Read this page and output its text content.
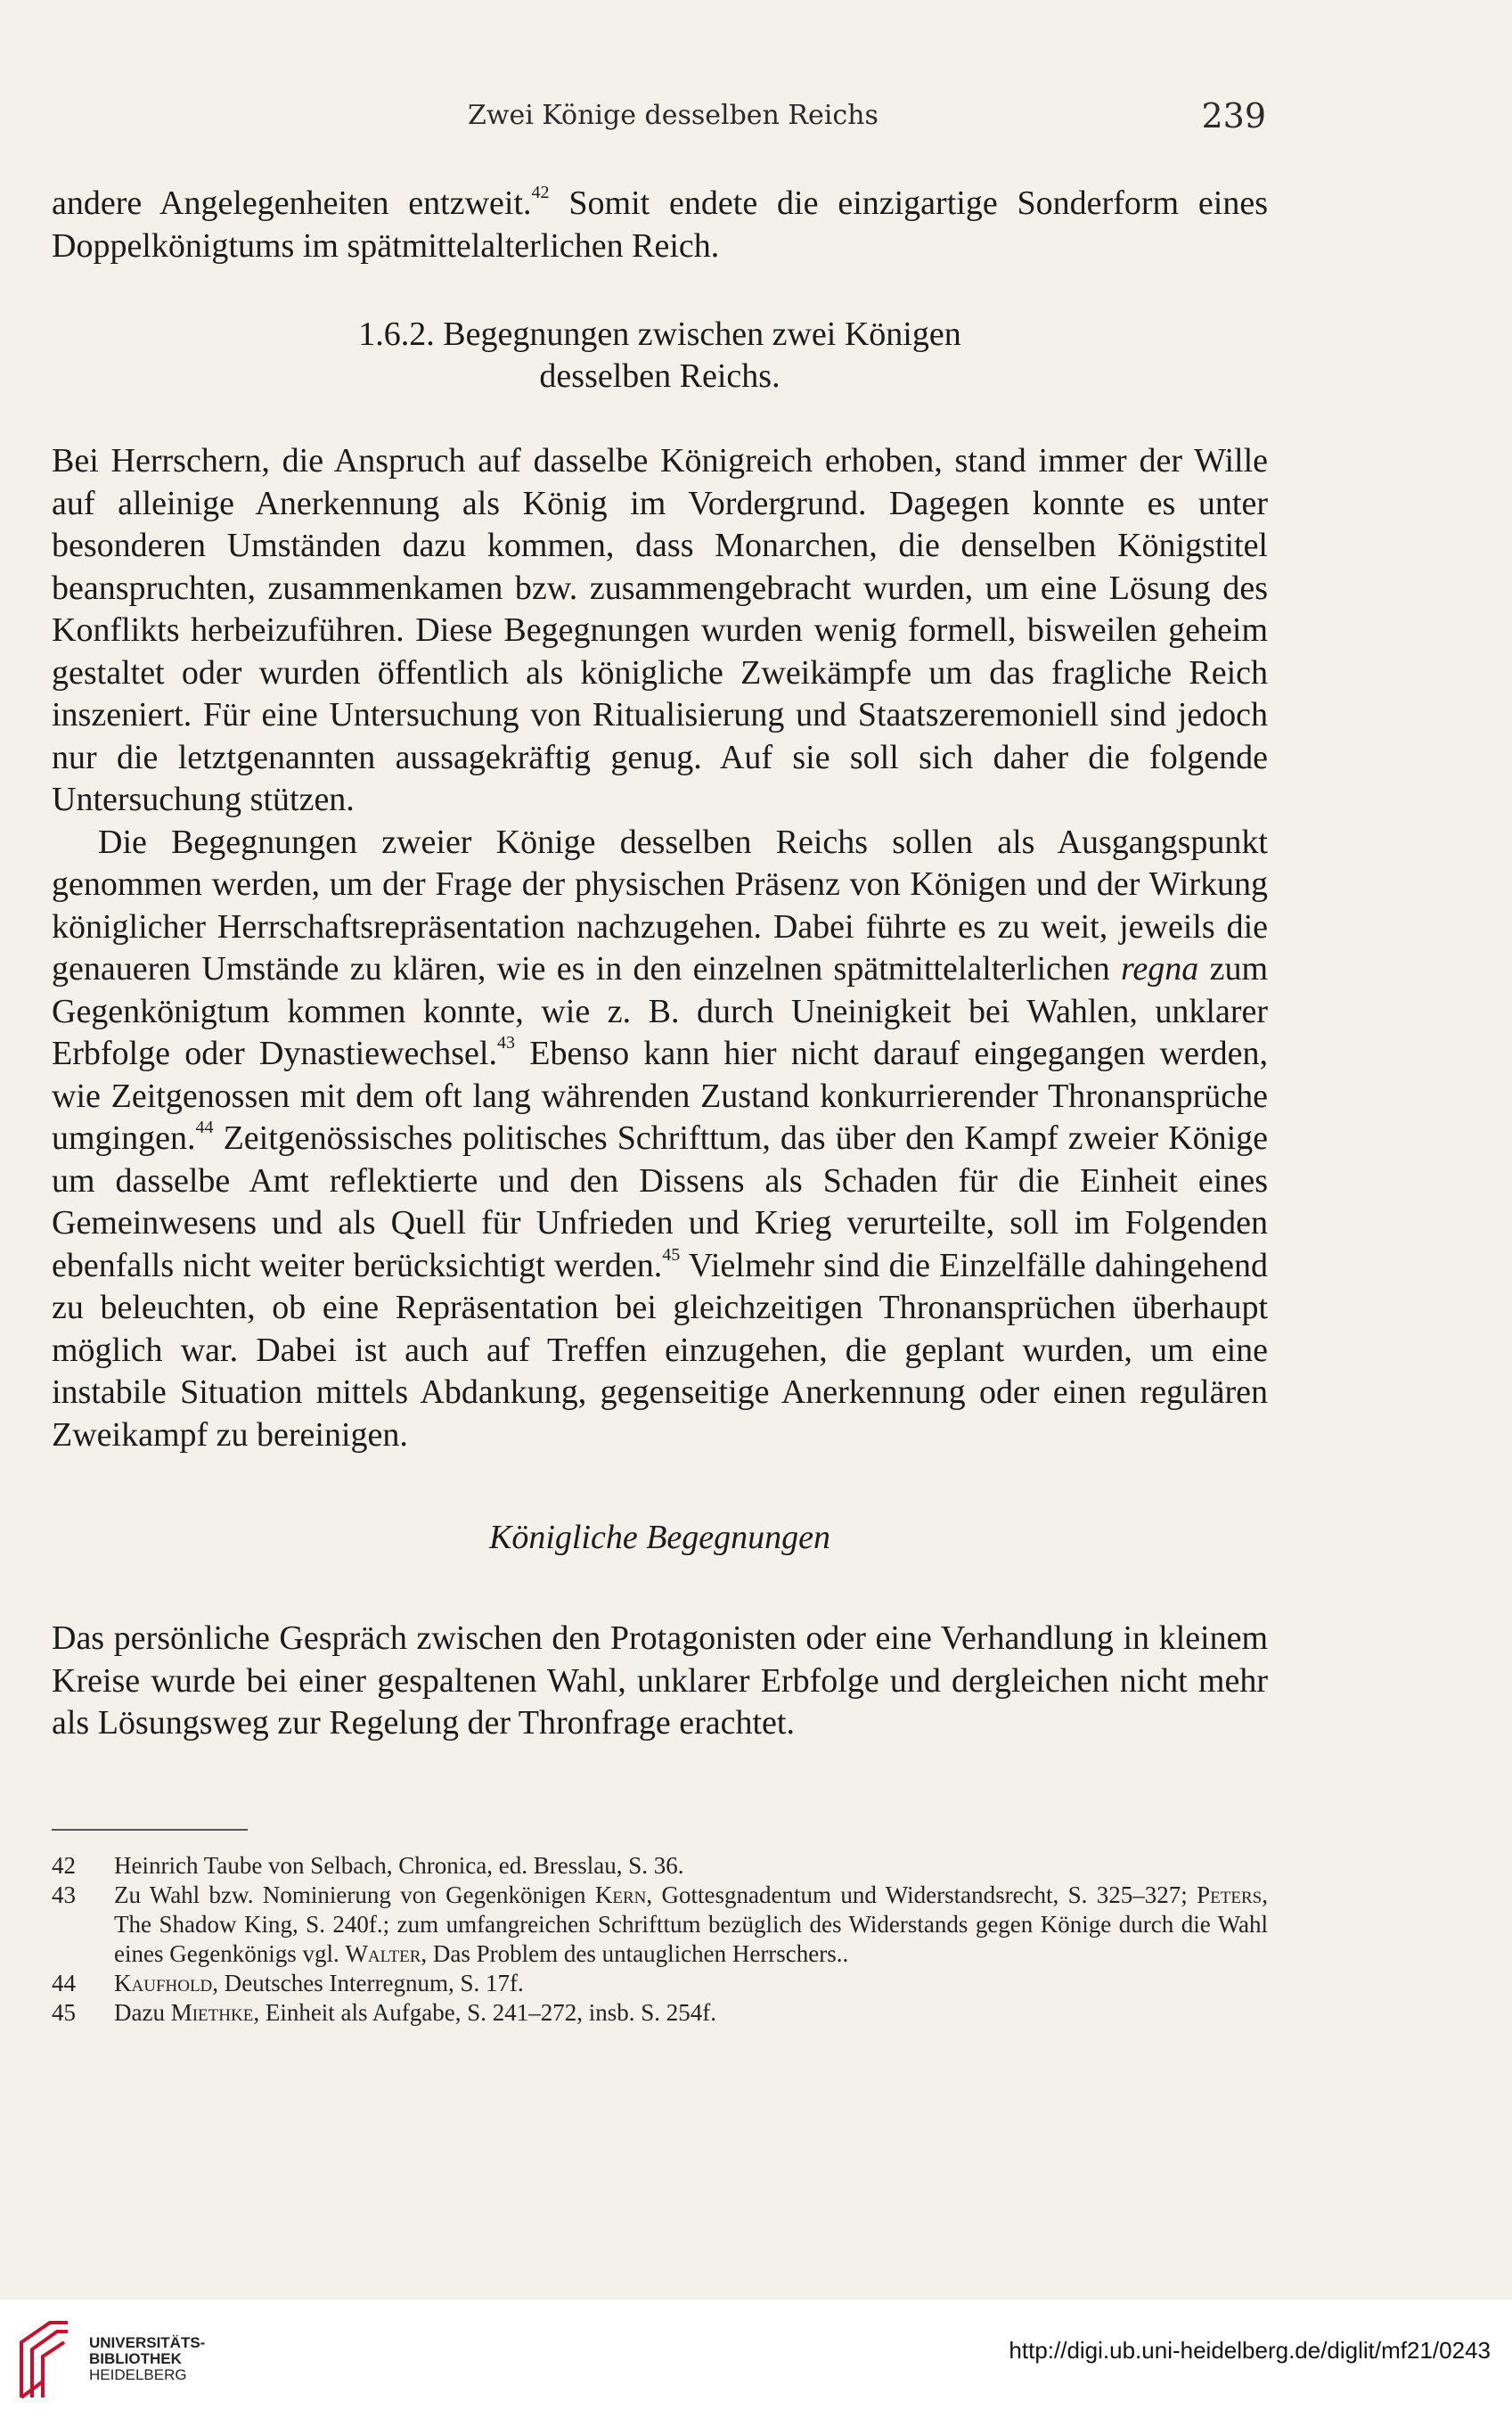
Zwei Könige desselben Reichs	239

andere Angelegenheiten entzweit.$^{42}$ Somit endete die einzigartige Sonderform eines Doppelkönigtums im spätmittelalterlichen Reich.

1.6.2. Begegnungen zwischen zwei Königen
desselben Reichs.

Bei Herrschern, die Anspruch auf dasselbe Königreich erhoben, stand immer der Wille auf alleinige Anerkennung als König im Vordergrund. Dagegen konnte es unter besonderen Umständen dazu kommen, dass Monarchen, die denselben Königstitel beanspruchten, zusammenkamen bzw. zusammengebracht wurden, um eine Lösung des Konflikts herbeizuführen. Diese Begegnungen wurden wenig formell, bisweilen geheim gestaltet oder wurden öffentlich als königliche Zweikämpfe um das fragliche Reich inszeniert. Für eine Untersuchung von Ritualisierung und Staatszeremoniell sind jedoch nur die letztgenannten aussagekräftig genug. Auf sie soll sich daher die folgende Untersuchung stützen.

Die Begegnungen zweier Könige desselben Reichs sollen als Ausgangspunkt genommen werden, um der Frage der physischen Präsenz von Königen und der Wirkung königlicher Herrschaftsrepräsentation nachzugehen. Dabei führte es zu weit, jeweils die genaueren Umstände zu klären, wie es in den einzelnen spätmittelalterlichen regna zum Gegenkönigtum kommen konnte, wie z. B. durch Uneinigkeit bei Wahlen, unklarer Erbfolge oder Dynastiewechsel.$^{43}$ Ebenso kann hier nicht darauf eingegangen werden, wie Zeitgenossen mit dem oft lang währenden Zustand konkurrierender Thronansprüche umgingen.$^{44}$ Zeitgenössisches politisches Schrifttum, das über den Kampf zweier Könige um dasselbe Amt reflektierte und den Dissens als Schaden für die Einheit eines Gemeinwesens und als Quell für Unfrieden und Krieg verurteilte, soll im Folgenden ebenfalls nicht weiter berücksichtigt werden.$^{45}$ Vielmehr sind die Einzelfälle dahingehend zu beleuchten, ob eine Repräsentation bei gleichzeitigen Thronansprüchen überhaupt möglich war. Dabei ist auch auf Treffen einzugehen, die geplant wurden, um eine instabile Situation mittels Abdankung, gegenseitige Anerkennung oder einen regulären Zweikampf zu bereinigen.

Königliche Begegnungen

Das persönliche Gespräch zwischen den Protagonisten oder eine Verhandlung in kleinem Kreise wurde bei einer gespaltenen Wahl, unklarer Erbfolge und dergleichen nicht mehr als Lösungsweg zur Regelung der Thronfrage erachtet.

42 Heinrich Taube von Selbach, Chronica, ed. Bresslau, S. 36.

43 Zu Wahl bzw. Nominierung von Gegenkönigen Kern, Gottesgnadentum und Widerstandsrecht, S. 325–327; Peters, The Shadow King, S. 240f.; zum umfangreichen Schrifttum bezüglich des Widerstands gegen Könige durch die Wahl eines Gegenkönigs vgl. Walter, Das Problem des untauglichen Herrschers..

44 Kaufhold, Deutsches Interregnum, S. 17f.

45 Dazu Miethke, Einheit als Aufgabe, S. 241–272, insb. S. 254f.

UNIVERSITÄTS-
BIBLIOTHEK
HEIDELBERG
http://digi.ub.uni-heidelberg.de/diglit/mf21/0243
